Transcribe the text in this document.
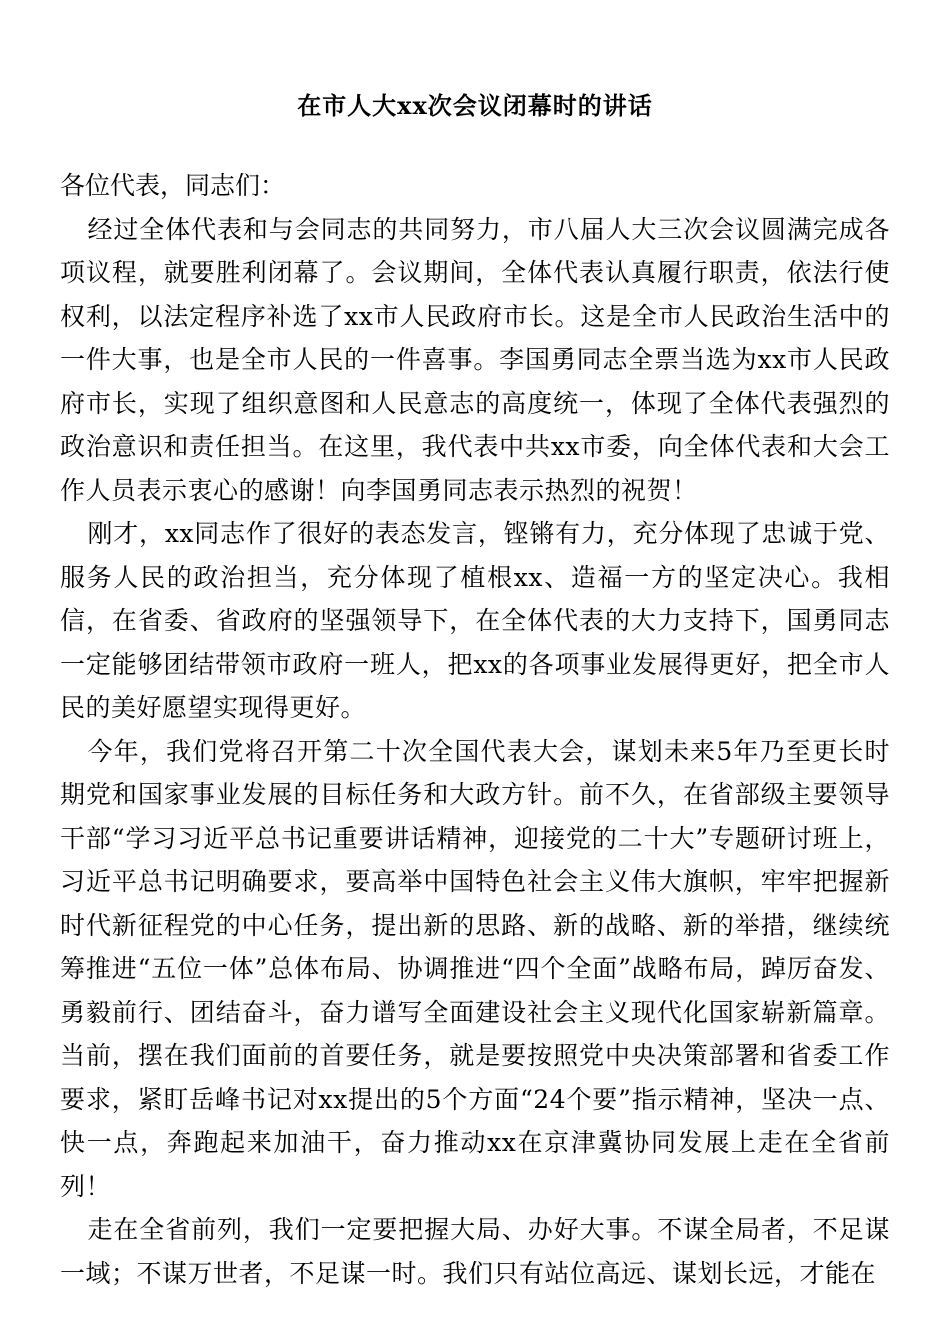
在市人大xx次会议闭幕时的讲话

各位代表，同志们：

经过全体代表和与会同志的共同努力，市八届人大三次会议圆满完成各项议程，就要胜利闭幕了。会议期间，全体代表认真履行职责，依法行使权利，以法定程序补选了xx市人民政府市长。这是全市人民政治生活中的一件大事，也是全市人民的一件喜事。李国勇同志全票当选为xx市人民政府市长，实现了组织意图和人民意志的高度统一，体现了全体代表强烈的政治意识和责任担当。在这里，我代表中共xx市委，向全体代表和大会工作人员表示衷心的感谢！向李国勇同志表示热烈的祝贺！

刚才，xx同志作了很好的表态发言，铿锵有力，充分体现了忠诚于党、服务人民的政治担当，充分体现了植根xx、造福一方的坚定决心。我相信，在省委、省政府的坚强领导下，在全体代表的大力支持下，国勇同志一定能够团结带领市政府一班人，把xx的各项事业发展得更好，把全市人民的美好愿望实现得更好。

今年，我们党将召开第二十次全国代表大会，谋划未来5年乃至更长时期党和国家事业发展的目标任务和大政方针。前不久，在省部级主要领导干部“学习习近平总书记重要讲话精神，迎接党的二十大”专题研讨班上，习近平总书记明确要求，要高举中国特色社会主义伟大旗帜，牢牢把握新时代新征程党的中心任务，提出新的思路、新的战略、新的举措，继续统筹推进“五位一体”总体布局、协调推进“四个全面”战略布局，踔厉奋发、勇毅前行、团结奋斗，奋力谱写全面建设社会主义现代化国家崭新篇章。当前，摆在我们面前的首要任务，就是要按照党中央决策部署和省委工作要求，紧盯岳峰书记对xx提出的5个方面“24个要”指示精神，坚决一点、快一点，奔跑起来加油干，奋力推动xx在京津冀协同发展上走在全省前列！

走在全省前列，我们一定要把握大局、办好大事。不谋全局者，不足谋一域；不谋万世者，不足谋一时。我们只有站位高远、谋划长远，才能在
